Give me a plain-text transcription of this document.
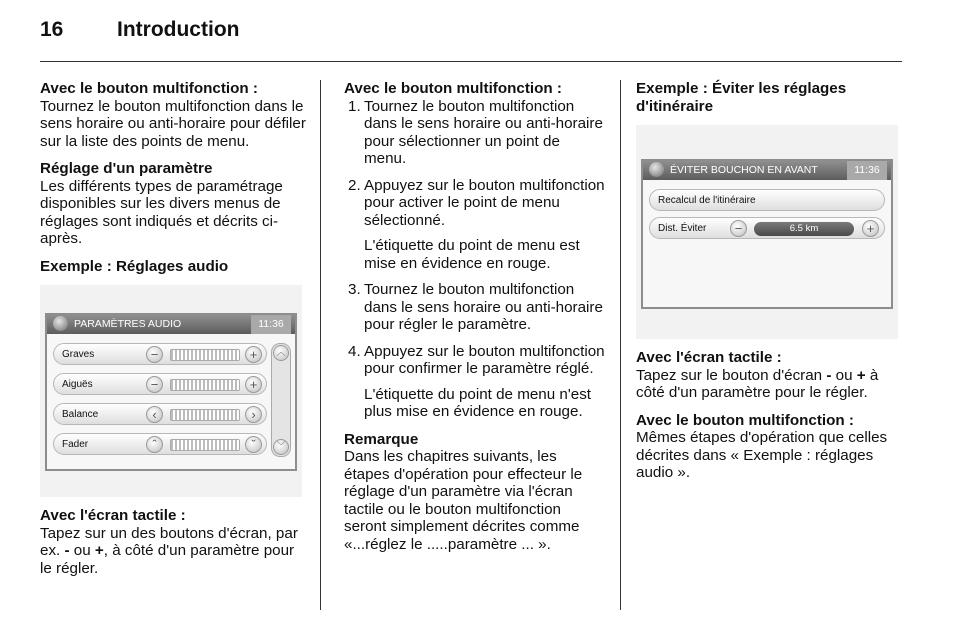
16	Introduction

Avec le bouton multifonction :
Tournez le bouton multifonction dans le sens horaire ou anti-horaire pour défiler sur la liste des points de menu.

Réglage d'un paramètre
Les différents types de paramétrage disponibles sur les divers menus de réglages sont indiqués et décrits ci-après.

Exemple : Réglages audio
PARAMÈTRES AUDIO	11:36
Graves	−	+
Aiguës	−	+
Balance	‹	›
Fader	ˆ	ˇ
︿
﹀

Avec l'écran tactile :
Tapez sur un des boutons d'écran, par ex. - ou +, à côté d'un paramètre pour le régler.

Avec le bouton multifonction :
1. Tournez le bouton multifonction dans le sens horaire ou anti-horaire pour sélectionner un point de menu.
2. Appuyez sur le bouton multifonction pour activer le point de menu sélectionné.

L'étiquette du point de menu est mise en évidence en rouge.

3. Tournez le bouton multifonction dans le sens horaire ou anti-horaire pour régler le paramètre.
4. Appuyez sur le bouton multifonction pour confirmer le paramètre réglé.

L'étiquette du point de menu n'est plus mise en évidence en rouge.

Remarque
Dans les chapitres suivants, les étapes d'opération pour effecteur le réglage d'un paramètre via l'écran tactile ou le bouton multifonction seront simplement décrites comme «...réglez le .....paramètre ... ».

Exemple : Éviter les réglages d'itinéraire
ÉVITER BOUCHON EN AVANT	11:36
Recalcul de l'itinéraire
Dist. Éviter	−	6.5 km	+

Avec l'écran tactile :
Tapez sur le bouton d'écran - ou + à côté d'un paramètre pour le régler.

Avec le bouton multifonction :
Mêmes étapes d'opération que celles décrites dans « Exemple : réglages audio ».
